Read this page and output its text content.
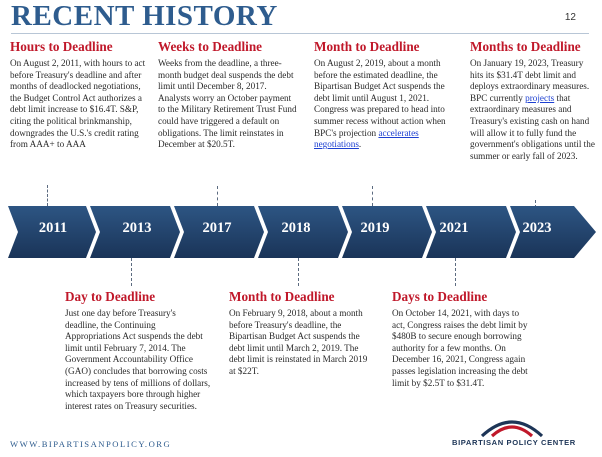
RECENT HISTORY	12
Hours to Deadline

On August 2, 2011, with hours to act before Treasury's deadline and after months of deadlocked negotiations, the Budget Control Act authorizes a debt limit increase to $16.4T. S&P, citing the political brinkmanship, downgrades the U.S.'s credit rating from AAA+ to AAA

Weeks to Deadline

Weeks from the deadline, a three-month budget deal suspends the debt limit until December 8, 2017. Analysts worry an October payment to the Military Retirement Trust Fund could have triggered a default on obligations. The limit reinstates in December at $20.5T.

Month to Deadline

On August 2, 2019, about a month before the estimated deadline, the Bipartisan Budget Act suspends the debt limit until August 1, 2021. Congress was prepared to head into summer recess without action when BPC's projection accelerates negotiations.

Months to Deadline

On January 19, 2023, Treasury hits its $31.4T debt limit and deploys extraordinary measures. BPC currently projects that extraordinary measures and Treasury's existing cash on hand will allow it to fully fund the government's obligations until the summer or early fall of 2023.

2011	2013	2017	2018	2019	2021	2023
Day to Deadline

Just one day before Treasury's deadline, the Continuing Appropriations Act suspends the debt limit until February 7, 2014. The Government Accountability Office (GAO) concludes that borrowing costs increased by tens of millions of dollars, which taxpayers bore through higher interest rates on Treasury securities.

Month to Deadline

On February 9, 2018, about a month before Treasury's deadline, the Bipartisan Budget Act suspends the debt limit until March 2, 2019. The debt limit is reinstated in March 2019 at $22T.

Days to Deadline

On October 14, 2021, with days to act, Congress raises the debt limit by $480B to secure enough borrowing authority for a few months. On December 16, 2021, Congress again passes legislation increasing the debt limit by $2.5T to $31.4T.

WWW.BIPARTISANPOLICY.ORG	BIPARTISAN POLICY CENTER
